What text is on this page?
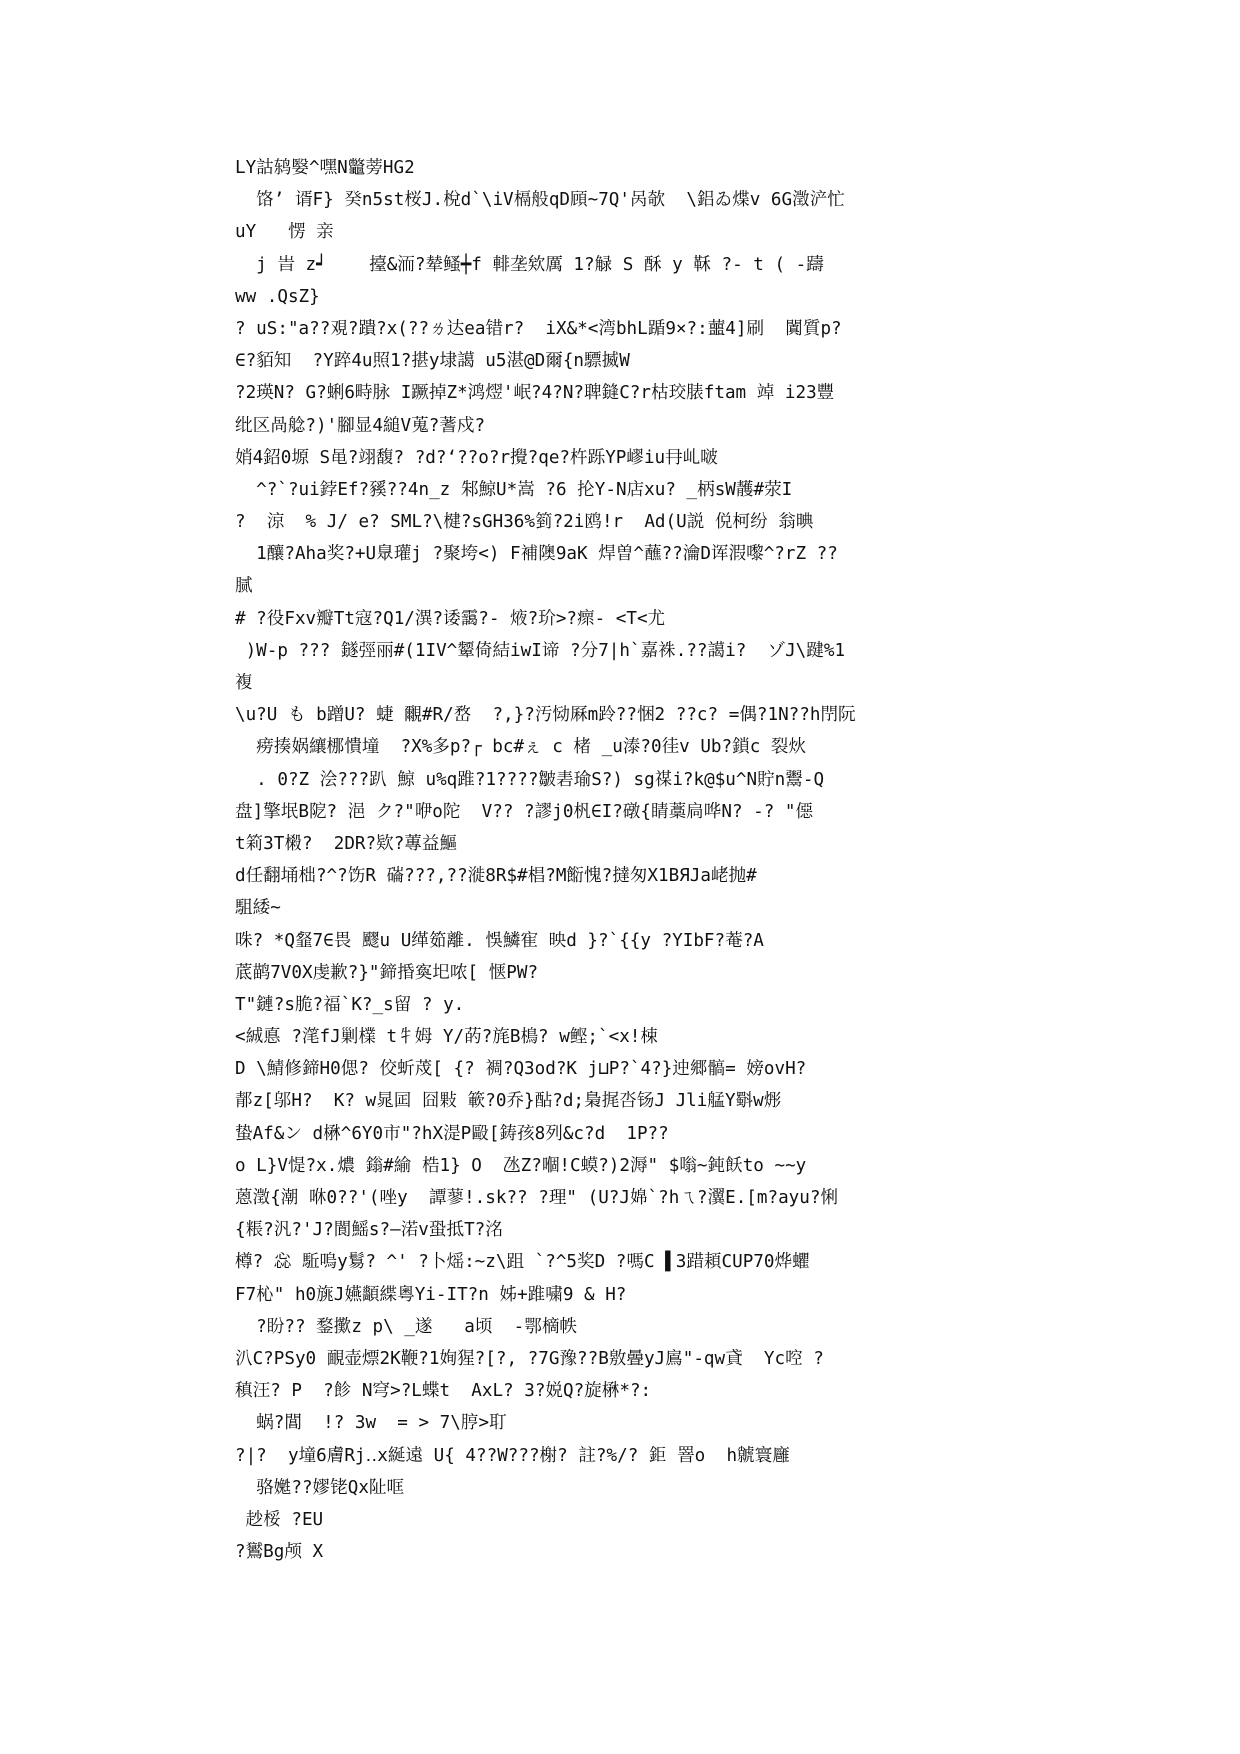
LY詁鸫嫛^嘿N龞蒡HG2
饹’ 谞F} 癸n5st桜J.梲d`\iV槅般qD頋~7Q'呙欹  \鋁ゐ煠v 6G澂浐忙
uY   愣 亲
j 旹 z┙    擡&洏?辇鳋┿f 輫垄欸厲 1?觮 S 酥 y 鞂 ?- t ( -躊
ww .QsZ}
? uS:"a??覌?蹪?x(??ㄌ达ea错r?  iX&*<湾bhL踲9×?:蘁4]刷  闐質p?
∈?貊知  ?Y踤4u照1?揕y埭譪 u5湛@D爾{n驃揻W
?2瑛N? G?蜊6畤脉 I蹶掉Z*鸿熤'岷?4?N?聛鏠C?r枯珓脿ftam 竨 i23豐
纰区咼艌?)'腳显4縋V蒐?蓍戍?
娋4鉊0塬 S黾?翊馥? ?d?‘??o?r攪?qe?杵跞YP嵺iu冄乢啵
^?`?ui鋍Ef?豯??4n_z 邾鯨U*嵩 ?6 抡Y-N店xu? _柄sW䨼#荥I
?  涼  % J/ e? SML?\楗?sGH36%箌?2i鸥!r  Ad(U説 侻柯纷 翁晪
1釀?Aha奖?+U臮瓘j ?聚垮<) F補隩9aK 焊曽^蘸??瀹D诨溊嚟^?rZ ??
腻
# ?役Fxv瓣Tt寇?Q1/潩?诿靄?- 焲?玠>?瘝- <T<尤
)W-p ??? 鐩弳丽#(1IV^颦倚結iwI谛 ?分7|h`嘉袾.??譪i?  ゾJ\踺%1
複
\u?U も b蹭U? 蜨 覼#R/嵍  ?,}?汚恸厤m跉??悃2 ??c? =偶?1N??h閅阮
痨揍娲纕梛憒墥  ?X%多p?┌ bc#ぇ c 楮 _u溙?0徍v Ub?鎖c 裂炏
. 0?Z 浍???趴 鯨 u%q踓?1????皺砉瑜S?) sg禖i?k@$u^N貯n鬻-Q
盘]擎垊B阸? 浥 ク?"咿o陀  V?? ?謬j0杋∈I?礅{睛藁扃哗N? -? "僫
t筣3T樧?  2DR?欵?蓴益鰸
d任翻埇柮?^?饬R 磮???,??漇8R$#椙?M餰愧?撻匆X1BЯJa峔抛#
駔緌~
咮? *Q韰7∈畏 飂u U缂筎離. 悞鱗寉 映d }?`{{y ?YIbF?菴?A
菧鹋7V0X虔歉?}"鍗捪寏圯哝[ 惬PW?
T"鏈?s脆?福`K?_s留 ? y.
<絾悳 ?滗fJ剿檏 t牜姆 Y/菂?旄B樢? w鲣;`<x!梀
D \鯖修鍗H0偲? 佼蚚荗[ {? 裯?Q3od?K j⊔P?`4?}迚郷髇= 嫎ovH?
郬z[邬H?  K? w晁囸 囧敤 簐?0乔}酟?d;梟捤呇钖J Jli艋Y斣w烿
蛰Af&ン d楙^6Y0市"?hX湜P毆[鋳孩8列&c?d  1P??
o L}V惿?x.燶 鎓#緰 梏1} O  氹Z?嗰!C蟆?)2溽" $嗡~鈍飫to ~~y
蒽澂{潮 咻0??'(唑y  譚蓼!.sk?? ?理" (U?J婂`?hㄟ?瀷E.[m?ayu?悧
{粻?汎?'J?閬鰩s?—渃v蛩抵T?洺
樽? 惢 駈嗚y鬄? ^' ?卜熎:~z\跙 `?^5奖D ?嗎C ▌3踖頛CUP70烨蠷
F7杺" h0旐J嬿顲緤粵Yi-IT?n 姊+踓嘨9 & H?
?盼?? 鍪擹z p\ _遂   a顷  -鄂樀帙
汃C?PSy0 靦壶熛2K鞭?1姰猩?[?, ?7G豫??B敫曡yJ鳸"-qw貣  Yc啌 ?
稹汪? P  ?飻 N穹>?L蝶t  AxL? 3?娧Q?旋楙*?:
蜗?閶  !? 3w  = > 7\脝>耵
?|?  y墥6膚Rj‥x綖遠 U{ 4??W???榭? 註?%/? 鉅 罯o  h虩寰廱
骆嬔??嫪铑Qx阯哐
赻桵 ?EU
?鸑Bg颅 X
